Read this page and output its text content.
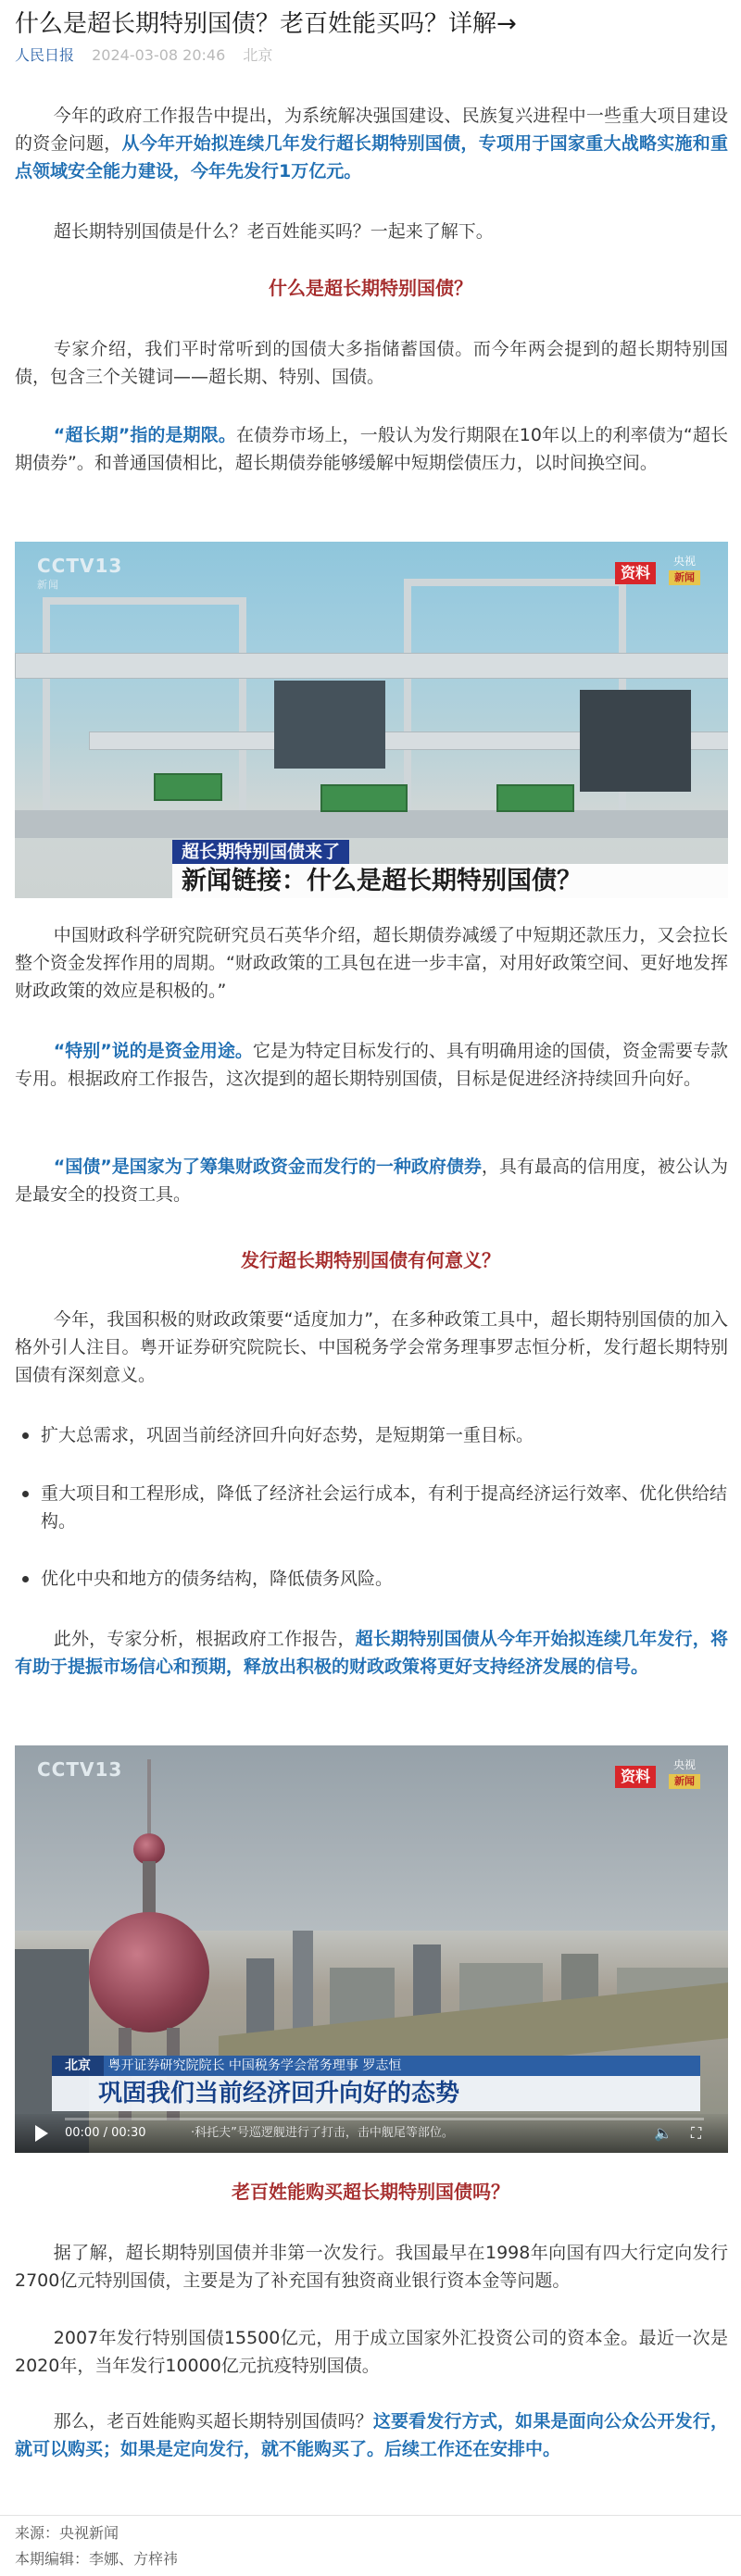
什么是超长期特别国债？老百姓能买吗？详解→
人民日报 2024-03-08 20:46 北京

今年的政府工作报告中提出，为系统解决强国建设、民族复兴进程中一些重大项目建设的资金问题，从今年开始拟连续几年发行超长期特别国债，专项用于国家重大战略实施和重点领域安全能力建设，今年先发行1万亿元。

超长期特别国债是什么？老百姓能买吗？一起来了解下。

什么是超长期特别国债？

专家介绍，我们平时常听到的国债大多指储蓄国债。而今年两会提到的超长期特别国债，包含三个关键词——超长期、特别、国债。

“超长期”指的是期限。在债券市场上，一般认为发行期限在10年以上的利率债为“超长期债券”。和普通国债相比，超长期债券能够缓解中短期偿债压力，以时间换空间。

CCTV13
新闻
资料
央视
新闻
超长期特别国债来了
新闻链接：什么是超长期特别国债？

中国财政科学研究院研究员石英华介绍，超长期债券减缓了中短期还款压力，又会拉长整个资金发挥作用的周期。“财政政策的工具包在进一步丰富，对用好政策空间、更好地发挥财政政策的效应是积极的。”

“特别”说的是资金用途。它是为特定目标发行的、具有明确用途的国债，资金需要专款专用。根据政府工作报告，这次提到的超长期特别国债，目标是促进经济持续回升向好。

“国债”是国家为了筹集财政资金而发行的一种政府债券，具有最高的信用度，被公认为是最安全的投资工具。

发行超长期特别国债有何意义？

今年，我国积极的财政政策要“适度加力”，在多种政策工具中，超长期特别国债的加入格外引人注目。粤开证券研究院院长、中国税务学会常务理事罗志恒分析，发行超长期特别国债有深刻意义。

扩大总需求，巩固当前经济回升向好态势，是短期第一重目标。
重大项目和工程形成，降低了经济社会运行成本，有利于提高经济运行效率、优化供给结构。
优化中央和地方的债务结构，降低债务风险。

此外，专家分析，根据政府工作报告，超长期特别国债从今年开始拟连续几年发行，将有助于提振市场信心和预期，释放出积极的财政政策将更好支持经济发展的信号。

CCTV13	资料
央视
新闻
北京 粤开证券研究院院长 中国税务学会常务理事 罗志恒
巩固我们当前经济回升向好的态势
00:00 / 00:30	·科托夫”号巡逻舰进行了打击，击中舰尾等部位。	🔈 ⛶
老百姓能购买超长期特别国债吗？

据了解，超长期特别国债并非第一次发行。我国最早在1998年向国有四大行定向发行2700亿元特别国债，主要是为了补充国有独资商业银行资本金等问题。

2007年发行特别国债15500亿元，用于成立国家外汇投资公司的资本金。最近一次是2020年，当年发行10000亿元抗疫特别国债。

那么，老百姓能购买超长期特别国债吗？这要看发行方式，如果是面向公众公开发行，就可以购买；如果是定向发行，就不能购买了。后续工作还在安排中。

来源：央视新闻
本期编辑：李娜、方梓祎
